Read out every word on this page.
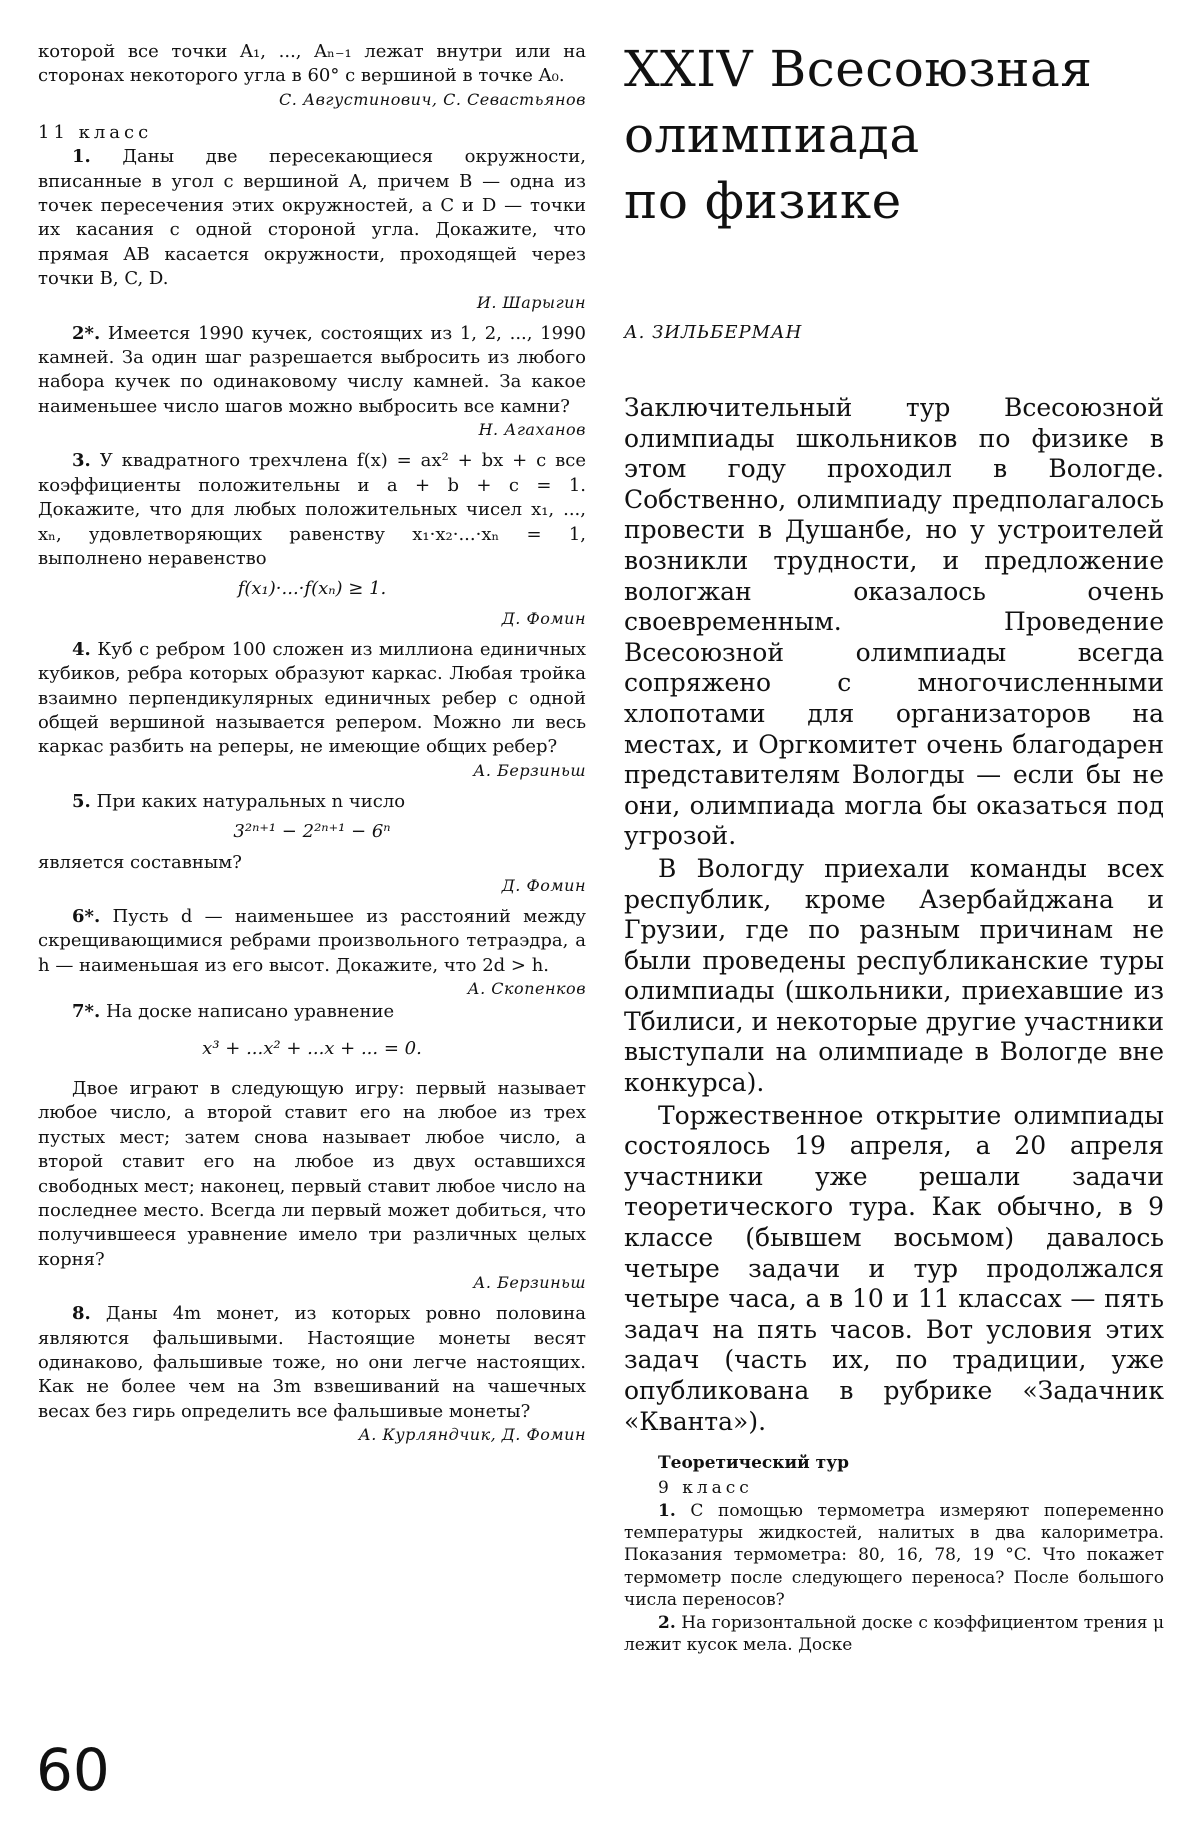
которой все точки A₁, ..., Aₙ₋₁ лежат внутри или на сторонах некоторого угла в 60° с вершиной в точке A₀.

С. Августинович, С. Севастьянов

11 класс

1. Даны две пересекающиеся окружности, вписанные в угол с вершиной A, причем B — одна из точек пересечения этих окружностей, а C и D — точки их касания с одной стороной угла. Докажите, что прямая AB касается окружности, проходящей через точки B, C, D.

И. Шарыгин

2*. Имеется 1990 кучек, состоящих из 1, 2, ..., 1990 камней. За один шаг разрешается выбросить из любого набора кучек по одинаковому числу камней. За какое наименьшее число шагов можно выбросить все камни?

Н. Агаханов

3. У квадратного трехчлена f(x) = ax² + bx + c все коэффициенты положительны и a + b + c = 1. Докажите, что для любых положительных чисел x₁, ..., xₙ, удовлетворяющих равенству x₁·x₂·...·xₙ = 1, выполнено неравенство

f(x₁)·...·f(xₙ) ≥ 1.

Д. Фомин

4. Куб с ребром 100 сложен из миллиона единичных кубиков, ребра которых образуют каркас. Любая тройка взаимно перпендикулярных единичных ребер с одной общей вершиной называется репером. Можно ли весь каркас разбить на реперы, не имеющие общих ребер?

А. Берзиньш

5. При каких натуральных n число

3²ⁿ⁺¹ − 2²ⁿ⁺¹ − 6ⁿ

является составным?

Д. Фомин

6*. Пусть d — наименьшее из расстояний между скрещивающимися ребрами произвольного тетраэдра, а h — наименьшая из его высот. Докажите, что 2d > h.

А. Скопенков

7*. На доске написано уравнение

x³ + ...x² + ...x + ... = 0.

Двое играют в следующую игру: первый называет любое число, а второй ставит его на любое из трех пустых мест; затем снова называет любое число, а второй ставит его на любое из двух оставшихся свободных мест; наконец, первый ставит любое число на последнее место. Всегда ли первый может добиться, что получившееся уравнение имело три различных целых корня?

А. Берзиньш

8. Даны 4m монет, из которых ровно половина являются фальшивыми. Настоящие монеты весят одинаково, фальшивые тоже, но они легче настоящих. Как не более чем на 3m взвешиваний на чашечных весах без гирь определить все фальшивые монеты?

А. Курляндчик, Д. Фомин

XXIV Всесоюзная
олимпиада
по физике

А. ЗИЛЬБЕРМАН

Заключительный тур Всесоюзной олимпиады школьников по физике в этом году проходил в Вологде. Собственно, олимпиаду предполагалось провести в Душанбе, но у устроителей возникли трудности, и предложение вологжан оказалось очень своевременным. Проведение Всесоюзной олимпиады всегда сопряжено с многочисленными хлопотами для организаторов на местах, и Оргкомитет очень благодарен представителям Вологды — если бы не они, олимпиада могла бы оказаться под угрозой.

В Вологду приехали команды всех республик, кроме Азербайджана и Грузии, где по разным причинам не были проведены республиканские туры олимпиады (школьники, приехавшие из Тбилиси, и некоторые другие участники выступали на олимпиаде в Вологде вне конкурса).

Торжественное открытие олимпиады состоялось 19 апреля, а 20 апреля участники уже решали задачи теоретического тура. Как обычно, в 9 классе (бывшем восьмом) давалось четыре задачи и тур продолжался четыре часа, а в 10 и 11 классах — пять задач на пять часов. Вот условия этих задач (часть их, по традиции, уже опубликована в рубрике «Задачник «Кванта»).

Теоретический тур

9 класс

1. С помощью термометра измеряют попеременно температуры жидкостей, налитых в два калориметра. Показания термометра: 80, 16, 78, 19 °C. Что покажет термометр после следующего переноса? После большого числа переносов?

2. На горизонтальной доске с коэффициентом трения μ лежит кусок мела. Доске

60
